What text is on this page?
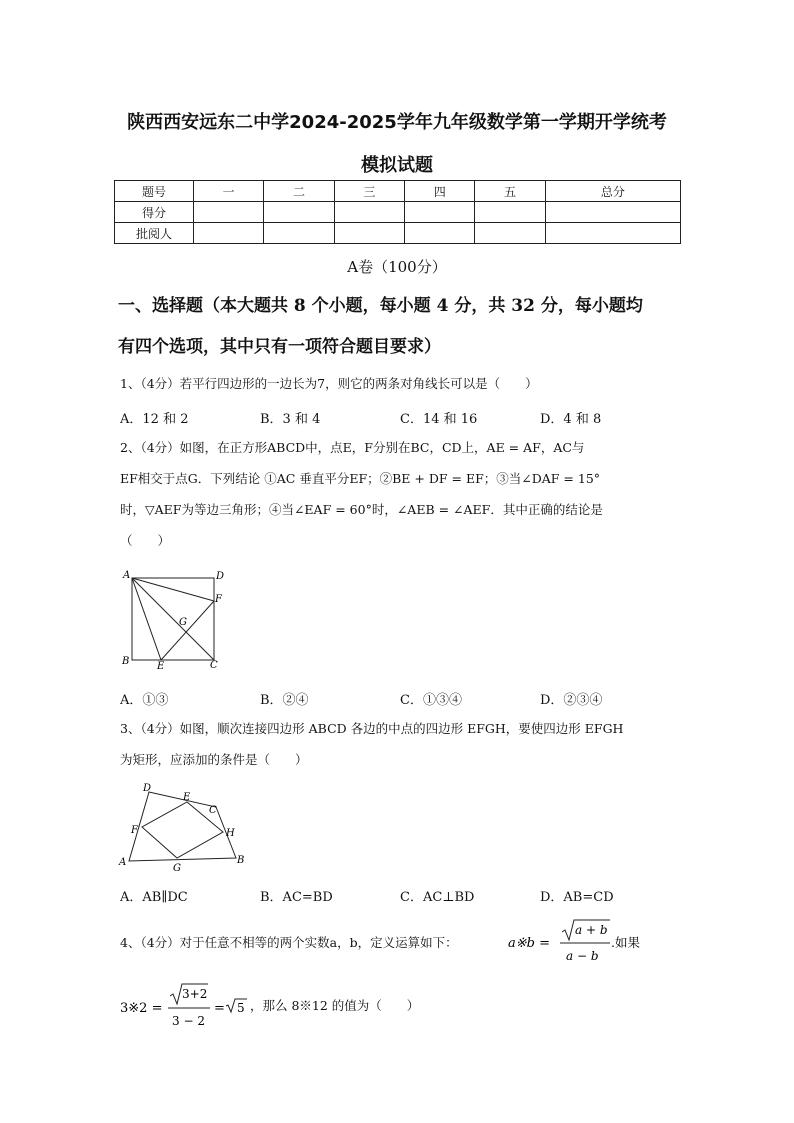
陕西西安远东二中学2024-2025学年九年级数学第一学期开学统考
模拟试题
题号	一	二	三	四	五	总分
得分						
批阅人						
A卷（100分）
一、选择题（本大题共 8 个小题，每小题 4 分，共 32 分，每小题均
有四个选项，其中只有一项符合题目要求）
1、（4分）若平行四边形的一边长为7，则它的两条对角线长可以是（　　）
A．12 和 2	B．3 和 4	C．14 和 16	D．4 和 8
2、（4分）如图，在正方形ABCD中，点E，F分别在BC，CD上，AE = AF，AC与
EF相交于点G．下列结论 ①AC 垂直平分EF；②BE + DF = EF；③当∠DAF = 15°
时，▽AEF为等边三角形；④当∠EAF = 60°时，∠AEB = ∠AEF．其中正确的结论是
（　　）
A	D
F
G
B	E	C
A．①③	B．②④	C．①③④	D．②③④
3、（4分）如图，顺次连接四边形 ABCD 各边的中点的四边形 EFGH，要使四边形 EFGH
为矩形，应添加的条件是（　　）
D
E
C
F	H
A
G
B
A．AB∥DC	B．AC=BD	C．AC⊥BD	D．AB=CD
4、（4分）对于任意不相等的两个实数a，b，定义运算如下：	a※b =
a + b
a − b
.如果
3※2 =
3+2
3 − 2
= 5 ，那么 8※12 的值为（　　）
